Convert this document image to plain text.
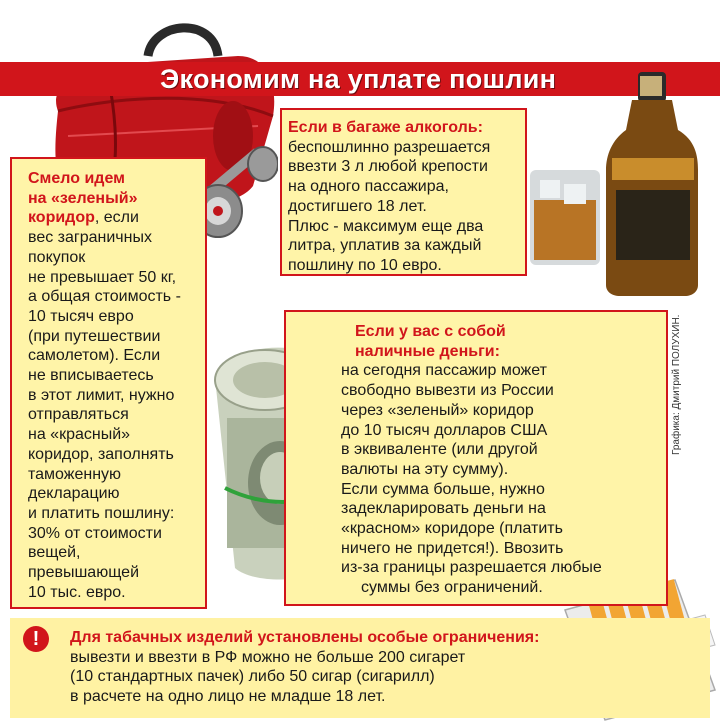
Экономим на уплате пошлин
Смело идем
на «зеленый»
коридор, если
вес заграничных
покупок
не превышает 50 кг,
а общая стоимость -
10 тысяч евро
(при путешествии
самолетом). Если
не вписываетесь
в этот лимит, нужно
отправляться
на «красный»
коридор, заполнять
таможенную
декларацию
и платить пошлину:
30% от стоимости
вещей,
превышающей
10 тыс. евро.
Если в багаже алкоголь:
беспошлинно разрешается
ввезти 3 л любой крепости
на одного пассажира,
достигшего 18 лет.
Плюс - максимум еще два
литра, уплатив за каждый
пошлину по 10 евро.
Если у вас с собой
наличные деньги:
на сегодня пассажир может
свободно вывезти из России
через «зеленый» коридор
до 10 тысяч долларов США
в эквиваленте (или другой
валюты на эту сумму).
Если сумма больше, нужно
задекларировать деньги на
«красном» коридоре (платить
ничего не придется!). Ввозить
из-за границы разрешается любые
суммы без ограничений.
Графика: Дмитрий ПОЛУХИН.
!	Для табачных изделий установлены особые ограничения:
вывезти и ввезти в РФ можно не больше 200 сигарет
(10 стандартных пачек) либо 50 сигар (сигарилл)
в расчете на одно лицо не младше 18 лет.
